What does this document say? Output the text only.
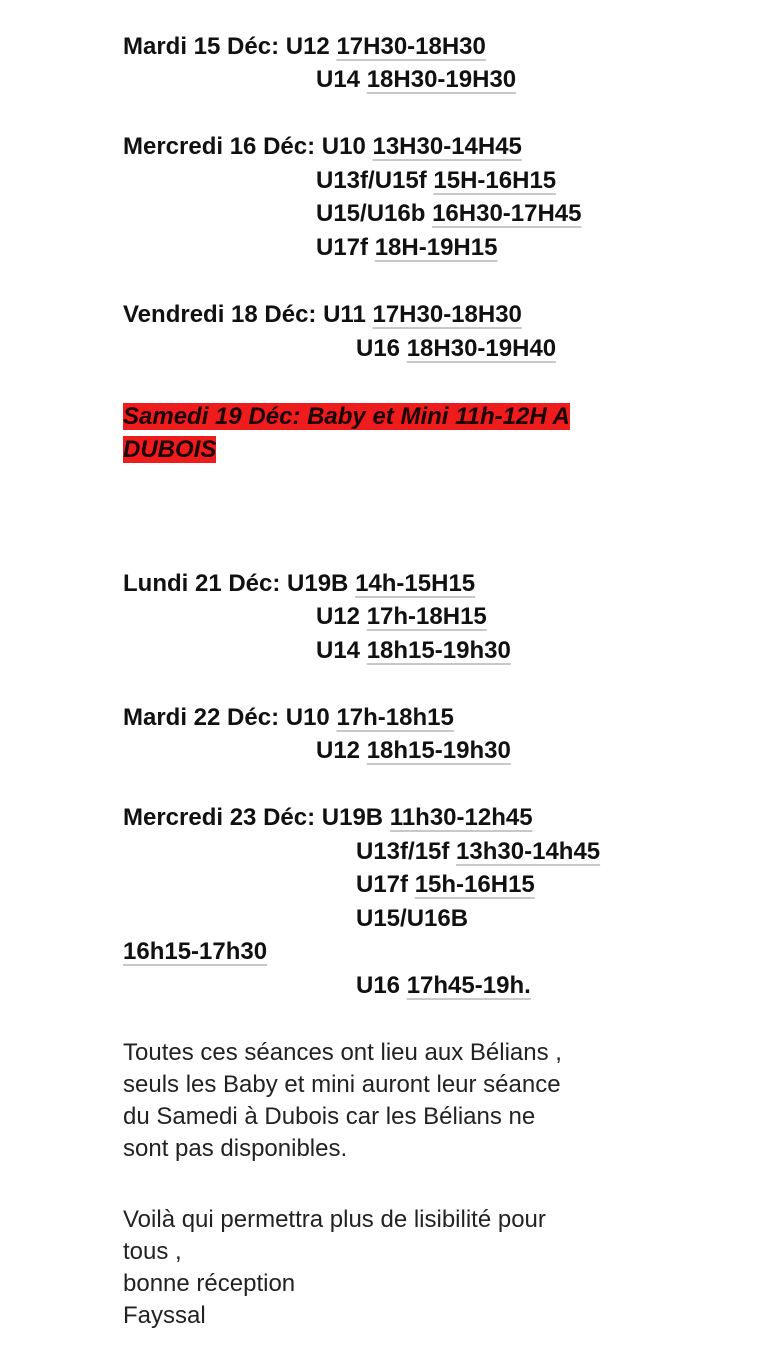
Mardi 15 Déc: U12 17H30-18H30
U14 18H30-19H30
Mercredi 16 Déc: U10 13H30-14H45
U13f/U15f 15H-16H15
U15/U16b 16H30-17H45
U17f 18H-19H15
Vendredi 18 Déc: U11 17H30-18H30
U16 18H30-19H40
Lundi 21 Déc: U19B 14h-15H15
U12 17h-18H15
U14 18h15-19h30
Mardi 22 Déc: U10 17h-18h15
U12 18h15-19h30
Mercredi 23 Déc: U19B 11h30-12h45
U13f/15f 13h30-14h45
U17f 15h-16H15
U15/U16B
16h15-17h30
U16 17h45-19h.
Samedi 19 Déc: Baby et Mini 11h-12H A DUBOIS

Toutes ces séances ont lieu aux Bélians ,
seuls les Baby et mini auront leur séance
du Samedi à Dubois car les Bélians ne
sont pas disponibles.

Voilà qui permettra plus de lisibilité pour
tous ,
bonne réception
Fayssal
